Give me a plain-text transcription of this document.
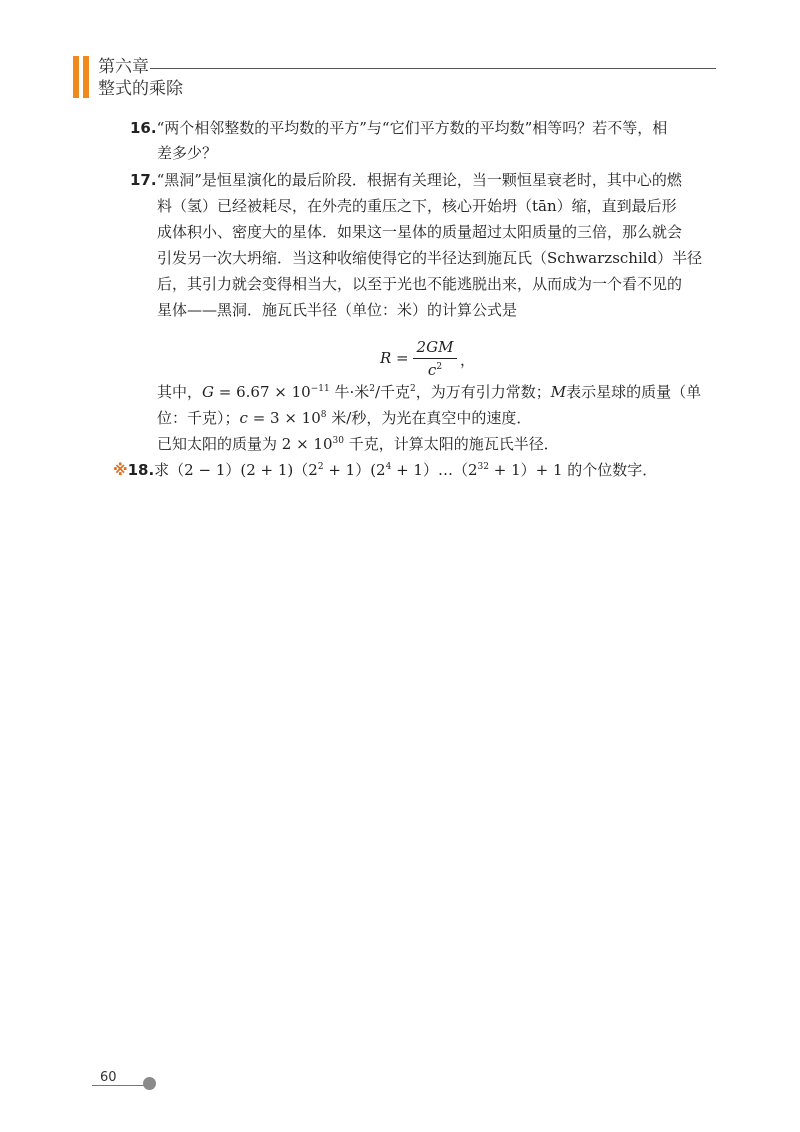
第六章
整式的乘除
16.“两个相邻整数的平均数的平方”与“它们平方数的平均数”相等吗？若不等，相
差多少？
17.“黑洞”是恒星演化的最后阶段．根据有关理论，当一颗恒星衰老时，其中心的燃
料（氢）已经被耗尽，在外壳的重压之下，核心开始坍（tān）缩，直到最后形
成体积小、密度大的星体．如果这一星体的质量超过太阳质量的三倍，那么就会
引发另一次大坍缩．当这种收缩使得它的半径达到施瓦氏（Schwarzschild）半径
后，其引力就会变得相当大，以至于光也不能逃脱出来，从而成为一个看不见的
星体——黑洞．施瓦氏半径（单位：米）的计算公式是
R =
2GM
$c^2$	，
其中，$G = 6.67 \times 10^{-11}$ 牛·米$^2$/千克$^2$，为万有引力常数；M表示星球的质量（单
位：千克）；$c = 3 \times 10^8$ 米/秒，为光在真空中的速度．
已知太阳的质量为 $2 \times 10^{30}$ 千克，计算太阳的施瓦氏半径．
※18.求$(2 - 1)(2 + 1)(2^2 + 1)(2^4$ + $1)\dots(2^{32} + 1)+ 1$ 的个位数字．
60
